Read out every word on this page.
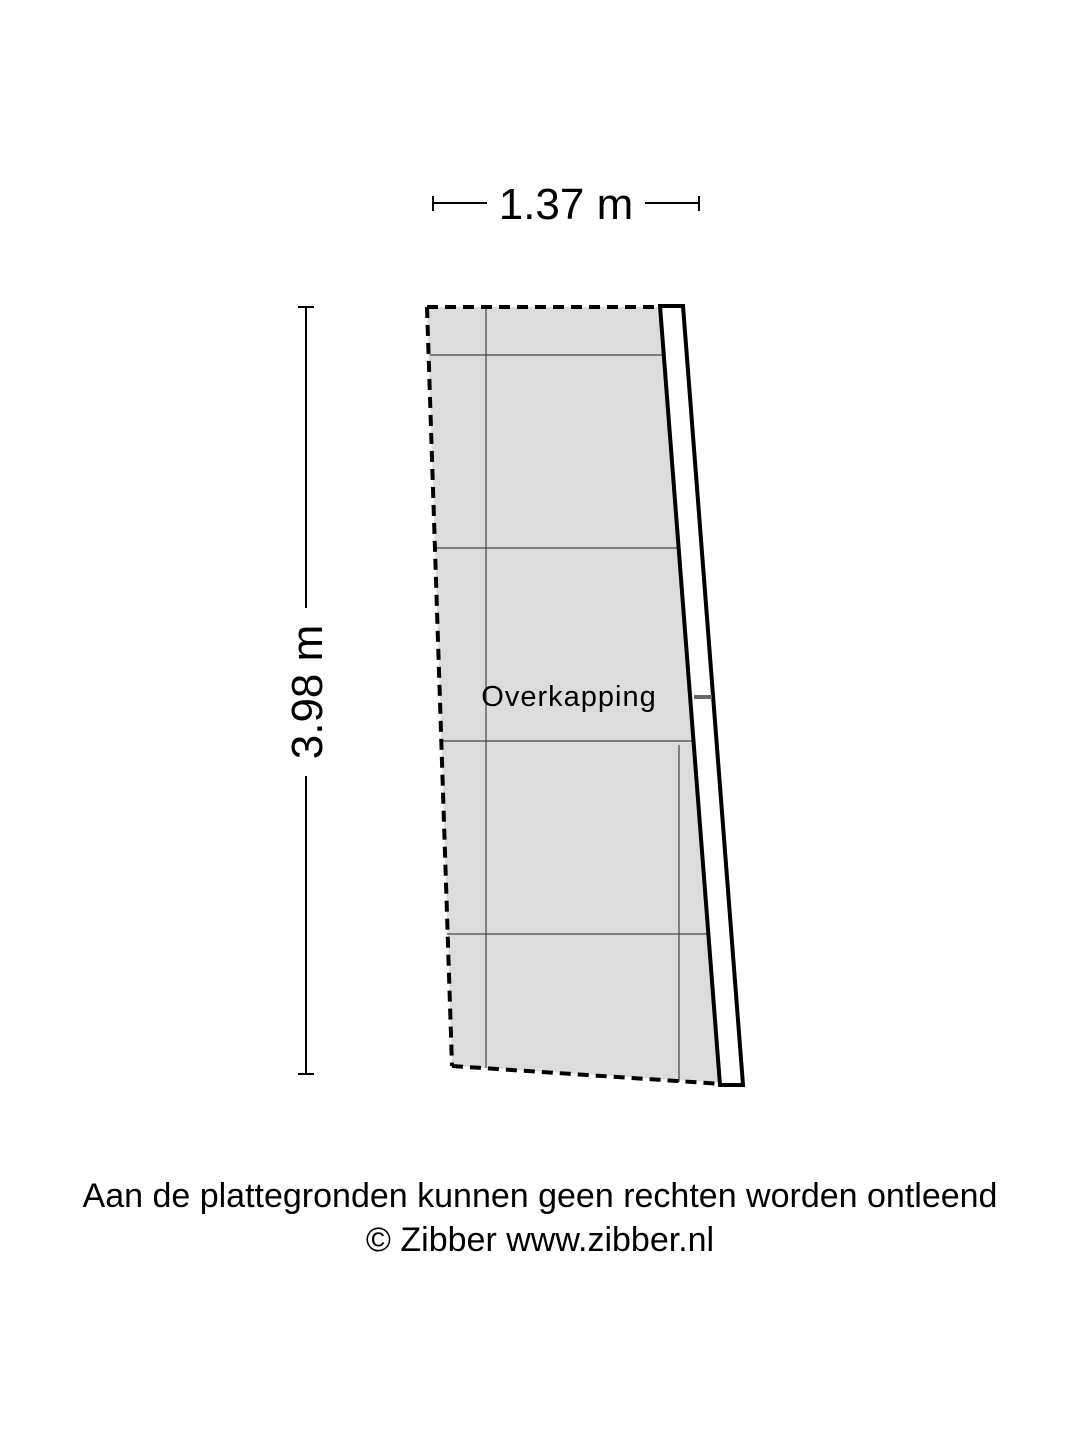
1.37 m
3.98 m	Overkapping

Aan de plattegronden kunnen geen rechten worden ontleend

© Zibber www.zibber.nl
